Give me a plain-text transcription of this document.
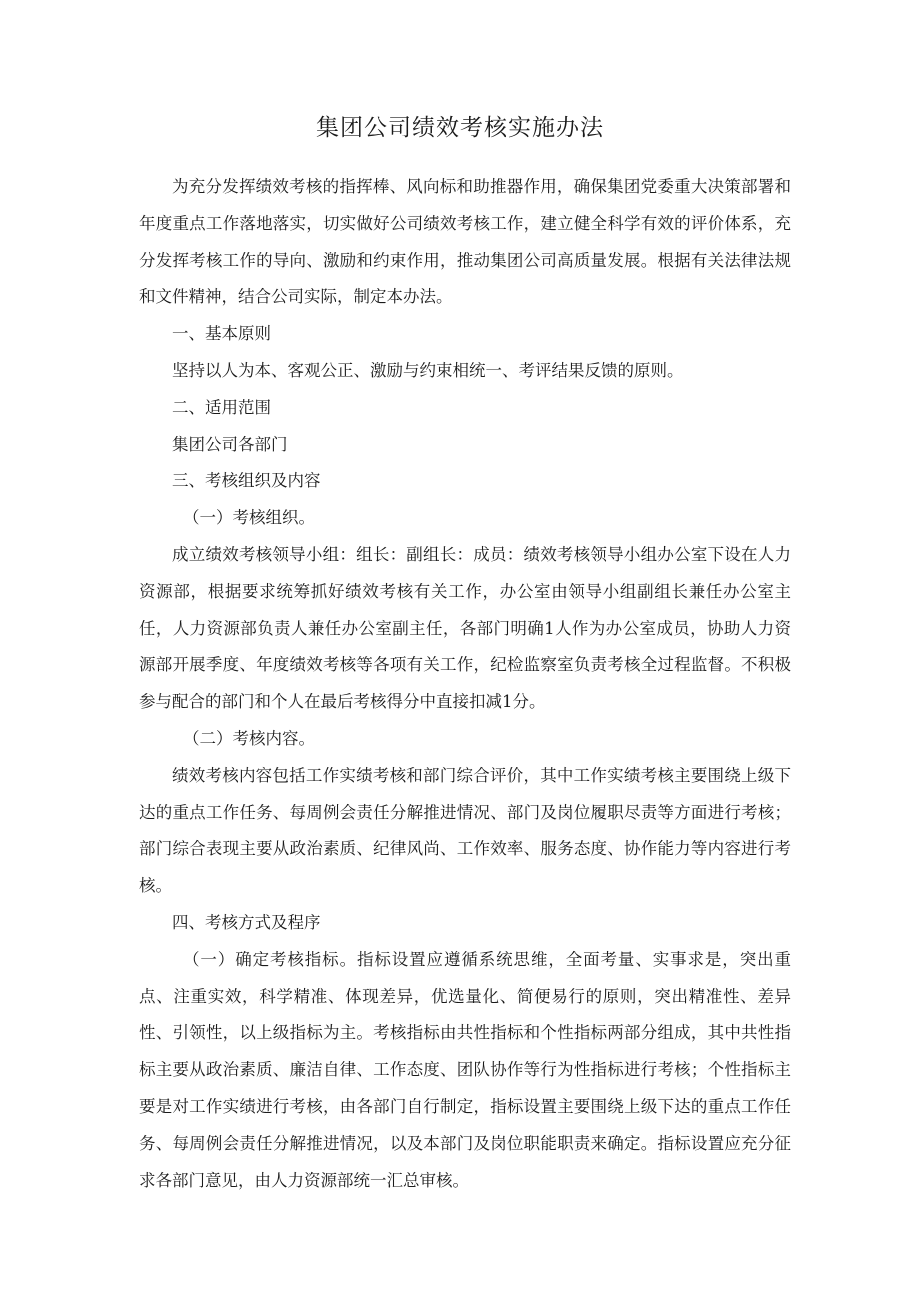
集团公司绩效考核实施办法

为充分发挥绩效考核的指挥棒、风向标和助推器作用，确保集团党委重大决策部署和年度重点工作落地落实，切实做好公司绩效考核工作，建立健全科学有效的评价体系，充分发挥考核工作的导向、激励和约束作用，推动集团公司高质量发展。根据有关法律法规和文件精神，结合公司实际，制定本办法。

一、基本原则

坚持以人为本、客观公正、激励与约束相统一、考评结果反馈的原则。

二、适用范围

集团公司各部门

三、考核组织及内容

（一）考核组织。

成立绩效考核领导小组：组长：副组长：成员：绩效考核领导小组办公室下设在人力资源部，根据要求统筹抓好绩效考核有关工作，办公室由领导小组副组长兼任办公室主任，人力资源部负责人兼任办公室副主任，各部门明确1人作为办公室成员，协助人力资源部开展季度、年度绩效考核等各项有关工作，纪检监察室负责考核全过程监督。不积极参与配合的部门和个人在最后考核得分中直接扣减1分。

（二）考核内容。

绩效考核内容包括工作实绩考核和部门综合评价，其中工作实绩考核主要围绕上级下达的重点工作任务、每周例会责任分解推进情况、部门及岗位履职尽责等方面进行考核；部门综合表现主要从政治素质、纪律风尚、工作效率、服务态度、协作能力等内容进行考核。

四、考核方式及程序

（一）确定考核指标。指标设置应遵循系统思维，全面考量、实事求是，突出重点、注重实效，科学精准、体现差异，优选量化、简便易行的原则，突出精准性、差异性、引领性，以上级指标为主。考核指标由共性指标和个性指标两部分组成，其中共性指标主要从政治素质、廉洁自律、工作态度、团队协作等行为性指标进行考核；个性指标主要是对工作实绩进行考核，由各部门自行制定，指标设置主要围绕上级下达的重点工作任务、每周例会责任分解推进情况，以及本部门及岗位职能职责来确定。指标设置应充分征求各部门意见，由人力资源部统一汇总审核。
